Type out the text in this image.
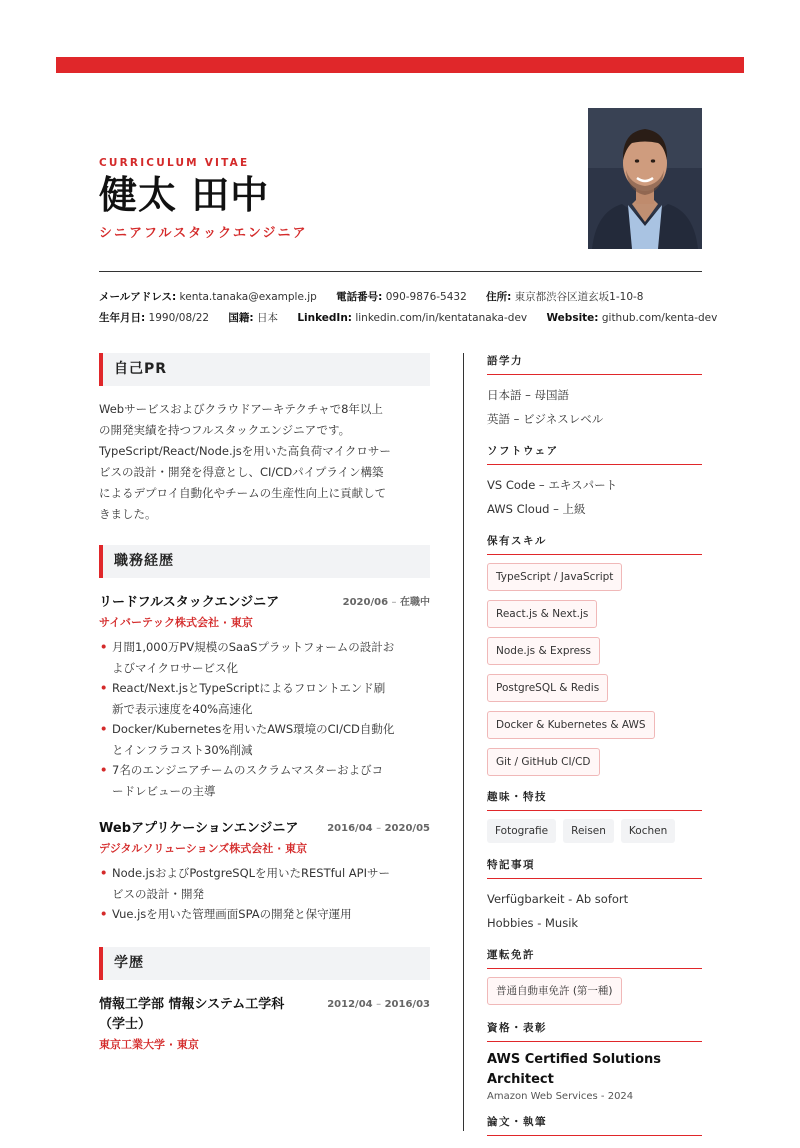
CURRICULUM VITAE
健太 田中
シニアフルスタックエンジニア
メールアドレス: kenta.tanaka@example.jp 電話番号: 090-9876-5432 住所: 東京都渋谷区道玄坂1-10-8
生年月日: 1990/08/22 国籍: 日本 LinkedIn: linkedin.com/in/kentatanaka-dev Website: github.com/kenta-dev
自己PR
Webサービスおよびクラウドアーキテクチャで8年以上
の開発実績を持つフルスタックエンジニアです。
TypeScript/React/Node.jsを用いた高負荷マイクロサー
ビスの設計・開発を得意とし、CI/CDパイプライン構築
によるデプロイ自動化やチームの生産性向上に貢献して
きました。
職務経歴
リードフルスタックエンジニア	2020/06 – 在職中
サイバーテック株式会社 · 東京
• 月間1,000万PV規模のSaaSプラットフォームの設計お
よびマイクロサービス化
• React/Next.jsとTypeScriptによるフロントエンド刷
新で表示速度を40%高速化
• Docker/Kubernetesを用いたAWS環境のCI/CD自動化
とインフラコスト30%削減
• 7名のエンジニアチームのスクラムマスターおよびコ
ードレビューの主導
Webアプリケーションエンジニア	2016/04 – 2020/05
デジタルソリューションズ株式会社 · 東京
• Node.jsおよびPostgreSQLを用いたRESTful APIサー
ビスの設計・開発
• Vue.jsを用いた管理画面SPAの開発と保守運用
学歴
情報工学部 情報システム工学科
（学士）
2012/04 – 2016/03
東京工業大学 · 東京
語学力
日本語 – 母国語
英語 – ビジネスレベル
ソフトウェア
VS Code – エキスパート
AWS Cloud – 上級
保有スキル
TypeScript / JavaScript
React.js & Next.js
Node.js & Express
PostgreSQL & Redis
Docker & Kubernetes & AWS
Git / GitHub CI/CD
趣味・特技
Fotografie Reisen Kochen
特記事項
Verfügbarkeit - Ab sofort
Hobbies - Musik
運転免許
普通自動車免許 (第一種)
資格・表彰
AWS Certified Solutions
Architect
Amazon Web Services - 2024
論文・執筆
